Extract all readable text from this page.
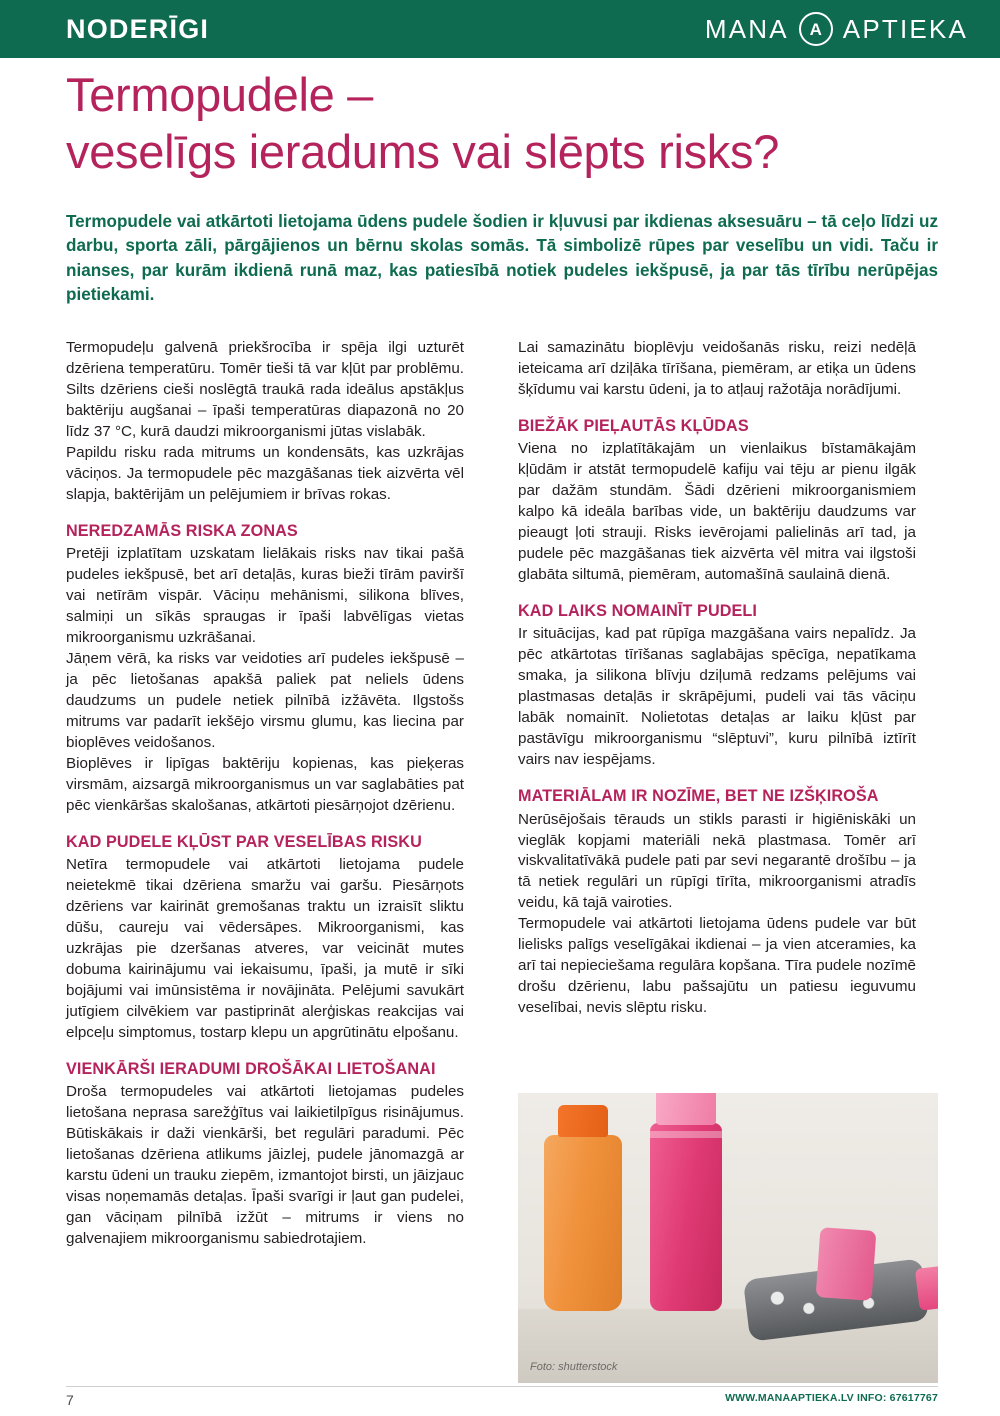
NODERĪGI	MANA	A APTIEKA
Termopudele –
veselīgs ieradums vai slēpts risks?
Termopudele vai atkārtoti lietojama ūdens pudele šodien ir kļuvusi par ikdienas aksesuāru – tā ceļo līdzi uz darbu, sporta zāli, pārgājienos un bērnu skolas somās. Tā simbolizē rūpes par veselību un vidi. Taču ir nianses, par kurām ikdienā runā maz, kas patiesībā notiek pudeles iekšpusē, ja par tās tīrību nerūpējas pietiekami.

Termopudeļu galvenā priekšrocība ir spēja ilgi uzturēt dzēriena temperatūru. Tomēr tieši tā var kļūt par problēmu. Silts dzēriens cieši noslēgtā traukā rada ideālus apstākļus baktēriju augšanai – īpaši temperatūras diapazonā no 20 līdz 37 °C, kurā daudzi mikroorganismi jūtas vislabāk.

Papildu risku rada mitrums un kondensāts, kas uzkrājas vāciņos. Ja termopudele pēc mazgāšanas tiek aizvērta vēl slapja, baktērijām un pelējumiem ir brīvas rokas.

NEREDZAMĀS RISKA ZONAS

Pretēji izplatītam uzskatam lielākais risks nav tikai pašā pudeles iekšpusē, bet arī detaļās, kuras bieži tīrām paviršī vai netīrām vispār. Vāciņu mehānismi, silikona blīves, salmiņi un sīkās spraugas ir īpaši labvēlīgas vietas mikroorganismu uzkrāšanai.

Jāņem vērā, ka risks var veidoties arī pudeles iekšpusē – ja pēc lietošanas apakšā paliek pat neliels ūdens daudzums un pudele netiek pilnībā izžāvēta. Ilgstošs mitrums var padarīt iekšējo virsmu glumu, kas liecina par bioplēves veidošanos.

Bioplēves ir lipīgas baktēriju kopienas, kas pieķeras virsmām, aizsargā mikroorganismus un var saglabāties pat pēc vienkāršas skalošanas, atkārtoti piesārņojot dzērienu.

KAD PUDELE KĻŪST PAR VESELĪBAS RISKU

Netīra termopudele vai atkārtoti lietojama pudele neietekmē tikai dzēriena smaržu vai garšu. Piesārņots dzēriens var kairināt gremošanas traktu un izraisīt sliktu dūšu, caureju vai vēdersāpes. Mikroorganismi, kas uzkrājas pie dzeršanas atveres, var veicināt mutes dobuma kairinājumu vai iekaisumu, īpaši, ja mutē ir sīki bojājumi vai imūnsistēma ir novājināta. Pelējumi savukārt jutīgiem cilvēkiem var pastiprināt alerģiskas reakcijas vai elpceļu simptomus, tostarp klepu un apgrūtinātu elpošanu.

VIENKĀRŠI IERADUMI DROŠĀKAI LIETOŠANAI

Droša termopudeles vai atkārtoti lietojamas pudeles lietošana neprasa sarežģītus vai laikietilpīgus risinājumus. Būtiskākais ir daži vienkārši, bet regulāri paradumi. Pēc lietošanas dzēriena atlikums jāizlej, pudele jānomazgā ar karstu ūdeni un trauku ziepēm, izmantojot birsti, un jāizjauc visas noņemamās detaļas. Īpaši svarīgi ir ļaut gan pudelei, gan vāciņam pilnībā izžūt – mitrums ir viens no galvenajiem mikroorganismu sabiedrotajiem.

Lai samazinātu bioplēvju veidošanās risku, reizi nedēļā ieteicama arī dziļāka tīrīšana, piemēram, ar etiķa un ūdens šķīdumu vai karstu ūdeni, ja to atļauj ražotāja norādījumi.

BIEŽĀK PIEĻAUTĀS KĻŪDAS

Viena no izplatītākajām un vienlaikus bīstamākajām kļūdām ir atstāt termopudelē kafiju vai tēju ar pienu ilgāk par dažām stundām. Šādi dzērieni mikroorganismiem kalpo kā ideāla barības vide, un baktēriju daudzums var pieaugt ļoti strauji. Risks ievērojami palielinās arī tad, ja pudele pēc mazgāšanas tiek aizvērta vēl mitra vai ilgstoši glabāta siltumā, piemēram, automašīnā saulainā dienā.

KAD LAIKS NOMAINĪT PUDELI

Ir situācijas, kad pat rūpīga mazgāšana vairs nepalīdz. Ja pēc atkārtotas tīrīšanas saglabājas spēcīga, nepatīkama smaka, ja silikona blīvju dziļumā redzams pelējums vai plastmasas detaļās ir skrāpējumi, pudeli vai tās vāciņu labāk nomainīt. Nolietotas detaļas ar laiku kļūst par pastāvīgu mikroorganismu “slēptuvi”, kuru pilnībā iztīrīt vairs nav iespējams.

MATERIĀLAM IR NOZĪME, BET NE IZŠĶIROŠA

Nerūsējošais tērauds un stikls parasti ir higiēniskāki un vieglāk kopjami materiāli nekā plastmasa. Tomēr arī viskvalitatīvākā pudele pati par sevi negarantē drošību – ja tā netiek regulāri un rūpīgi tīrīta, mikroorganismi atradīs veidu, kā tajā vairoties.

Termopudele vai atkārtoti lietojama ūdens pudele var būt lielisks palīgs veselīgākai ikdienai – ja vien atceramies, ka arī tai nepieciešama regulāra kopšana. Tīra pudele nozīmē drošu dzērienu, labu pašsajūtu un patiesu ieguvumu veselībai, nevis slēptu risku.

Foto: shutterstock
7	WWW.MANAAPTIEKA.LV INFO: 67617767
